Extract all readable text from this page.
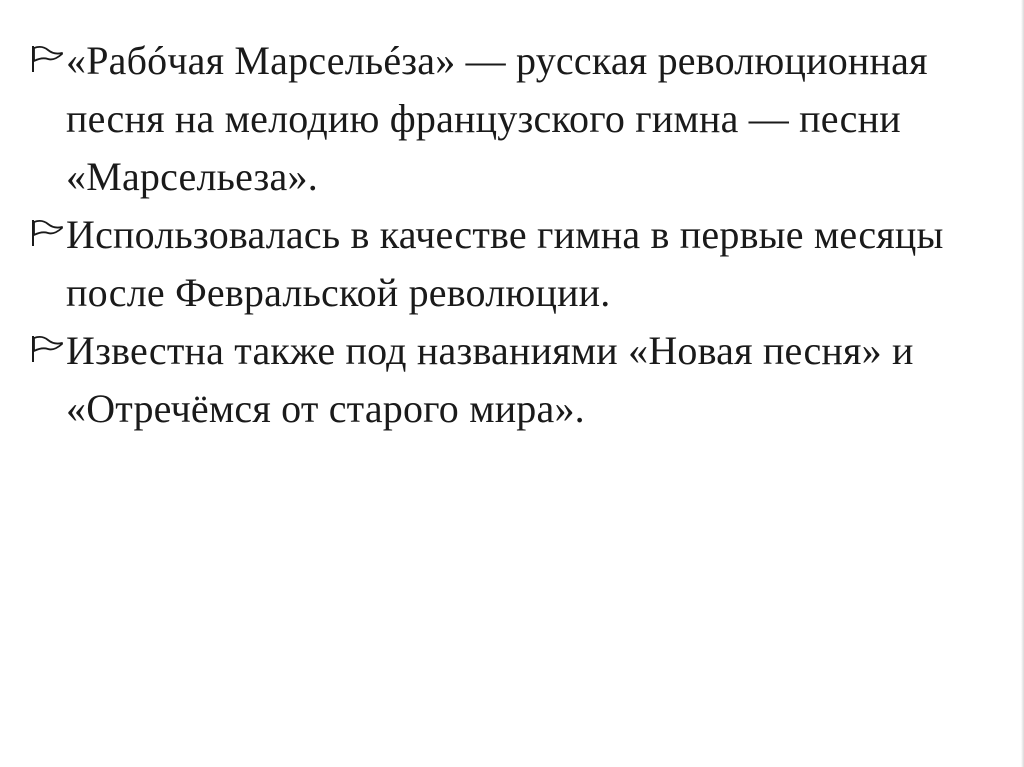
«Рабóчая Марсельéза» — русская революционная песня на мелодию французского гимна — песни «Марсельеза».
Использовалась в качестве гимна в первые месяцы после Февральской революции.
Известна также под названиями «Новая песня» и «Отречёмся от старого мира».
